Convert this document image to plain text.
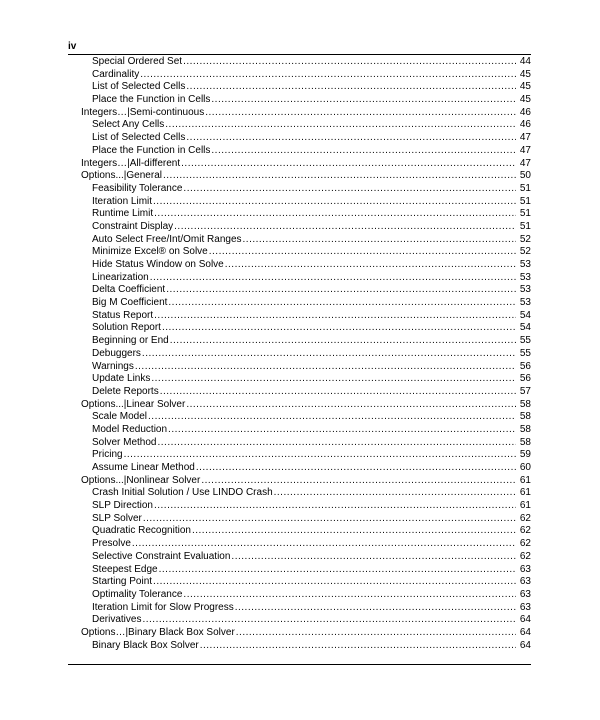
iv
Special Ordered Set .....	44
Cardinality .....	45
List of Selected Cells .....	45
Place the Function in Cells .....	45
Integers…|Semi-continuous .....	46
Select Any Cells .....	46
List of Selected Cells .....	47
Place the Function in Cells .....	47
Integers…|All-different .....	47
Options...|General .....	50
Feasibility Tolerance .....	51
Iteration Limit .....	51
Runtime Limit .....	51
Constraint Display .....	51
Auto Select Free/Int/Omit Ranges .....	52
Minimize Excel® on Solve .....	52
Hide Status Window on Solve .....	53
Linearization .....	53
Delta Coefficient .....	53
Big M Coefficient .....	53
Status Report .....	54
Solution Report .....	54
Beginning or End .....	55
Debuggers .....	55
Warnings .....	56
Update Links .....	56
Delete Reports .....	57
Options...|Linear Solver .....	58
Scale Model .....	58
Model Reduction .....	58
Solver Method .....	58
Pricing .....	59
Assume Linear Method .....	60
Options...|Nonlinear Solver .....	61
Crash Initial Solution / Use LINDO Crash .....	61
SLP Direction .....	61
SLP Solver .....	62
Quadratic Recognition .....	62
Presolve .....	62
Selective Constraint Evaluation .....	62
Steepest Edge .....	63
Starting Point .....	63
Optimality Tolerance .....	63
Iteration Limit for Slow Progress .....	63
Derivatives .....	64
Options…|Binary Black Box Solver .....	64
Binary Black Box Solver .....	64
